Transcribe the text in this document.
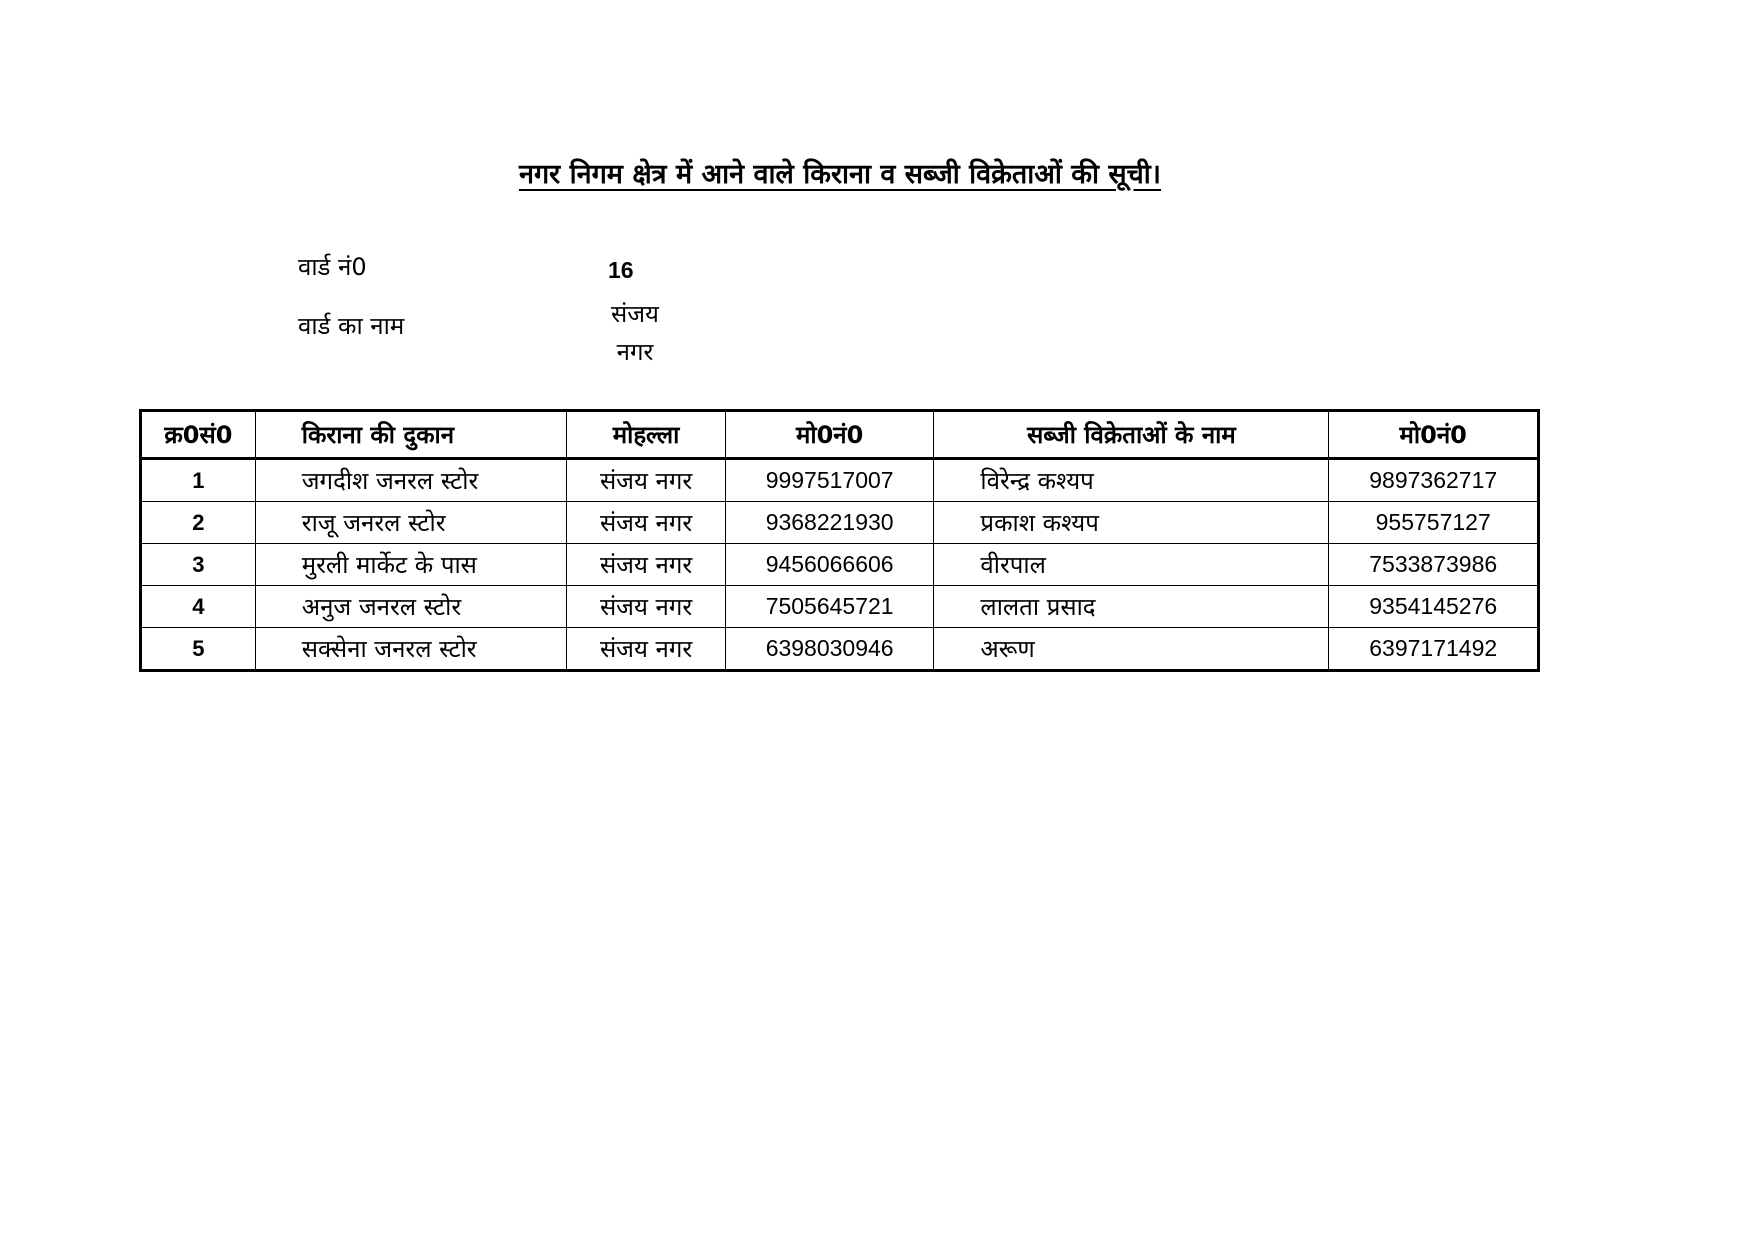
नगर निगम क्षेत्र में आने वाले किराना व सब्जी विक्रेताओं की सूची।
वार्ड नं0	16
वार्ड का नाम	संजय
नगर
क्र0सं0	किराना की दुकान	मोहल्ला	मो0नं0	सब्जी विक्रेताओं के नाम	मो0नं0
1	जगदीश जनरल स्टोर	संजय नगर	9997517007	विरेन्द्र कश्यप	9897362717
2	राजू जनरल स्टोर	संजय नगर	9368221930	प्रकाश कश्यप	955757127
3	मुरली मार्केट के पास	संजय नगर	9456066606	वीरपाल	7533873986
4	अनुज जनरल स्टोर	संजय नगर	7505645721	लालता प्रसाद	9354145276
5	सक्सेना जनरल स्टोर	संजय नगर	6398030946	अरूण	6397171492
